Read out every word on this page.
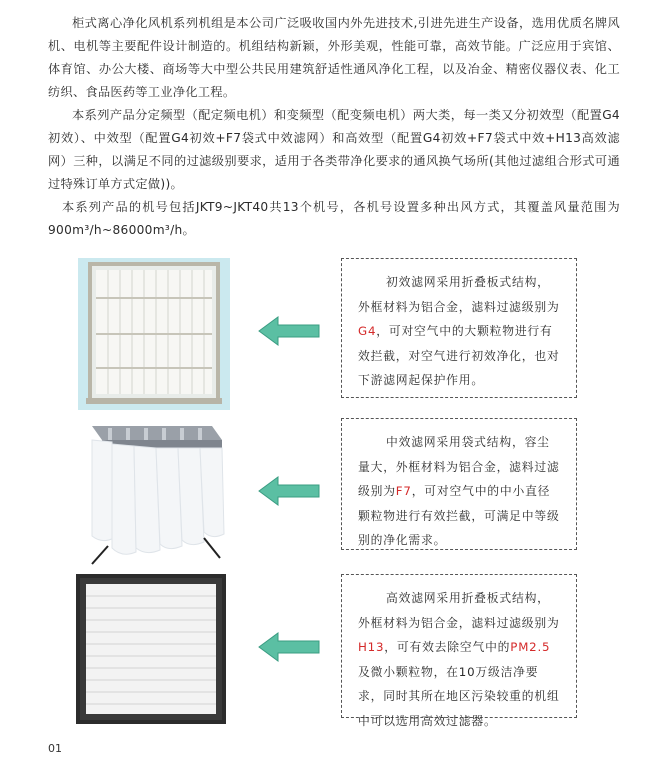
柜式离心净化风机系列机组是本公司广泛吸收国内外先进技术,引进先进生产设备，选用优质名牌风机、电机等主要配件设计制造的。机组结构新颖，外形美观，性能可靠，高效节能。广泛应用于宾馆、体育馆、办公大楼、商场等大中型公共民用建筑舒适性通风净化工程，以及冶金、精密仪器仪表、化工纺织、食品医药等工业净化工程。

本系列产品分定频型（配定频电机）和变频型（配变频电机）两大类，每一类又分初效型（配置G4初效）、中效型（配置G4初效+F7袋式中效滤网）和高效型（配置G4初效+F7袋式中效+H13高效滤网）三种，以满足不同的过滤级别要求，适用于各类带净化要求的通风换气场所(其他过滤组合形式可通过特殊订单方式定做))。

本系列产品的机号包括JKT9~JKT40共13个机号，各机号设置多种出风方式，其覆盖风量范围为900m³/h~86000m³/h。

初效滤网采用折叠板式结构，外框材料为铝合金，滤料过滤级别为G4，可对空气中的大颗粒物进行有效拦截，对空气进行初效净化，也对下游滤网起保护作用。
中效滤网采用袋式结构，容尘量大，外框材料为铝合金，滤料过滤级别为F7，可对空气中的中小直径颗粒物进行有效拦截，可满足中等级别的净化需求。
高效滤网采用折叠板式结构，外框材料为铝合金，滤料过滤级别为H13，可有效去除空气中的PM2.5及微小颗粒物，在10万级洁净要求，同时其所在地区污染较重的机组中可以选用高效过滤器。
01
